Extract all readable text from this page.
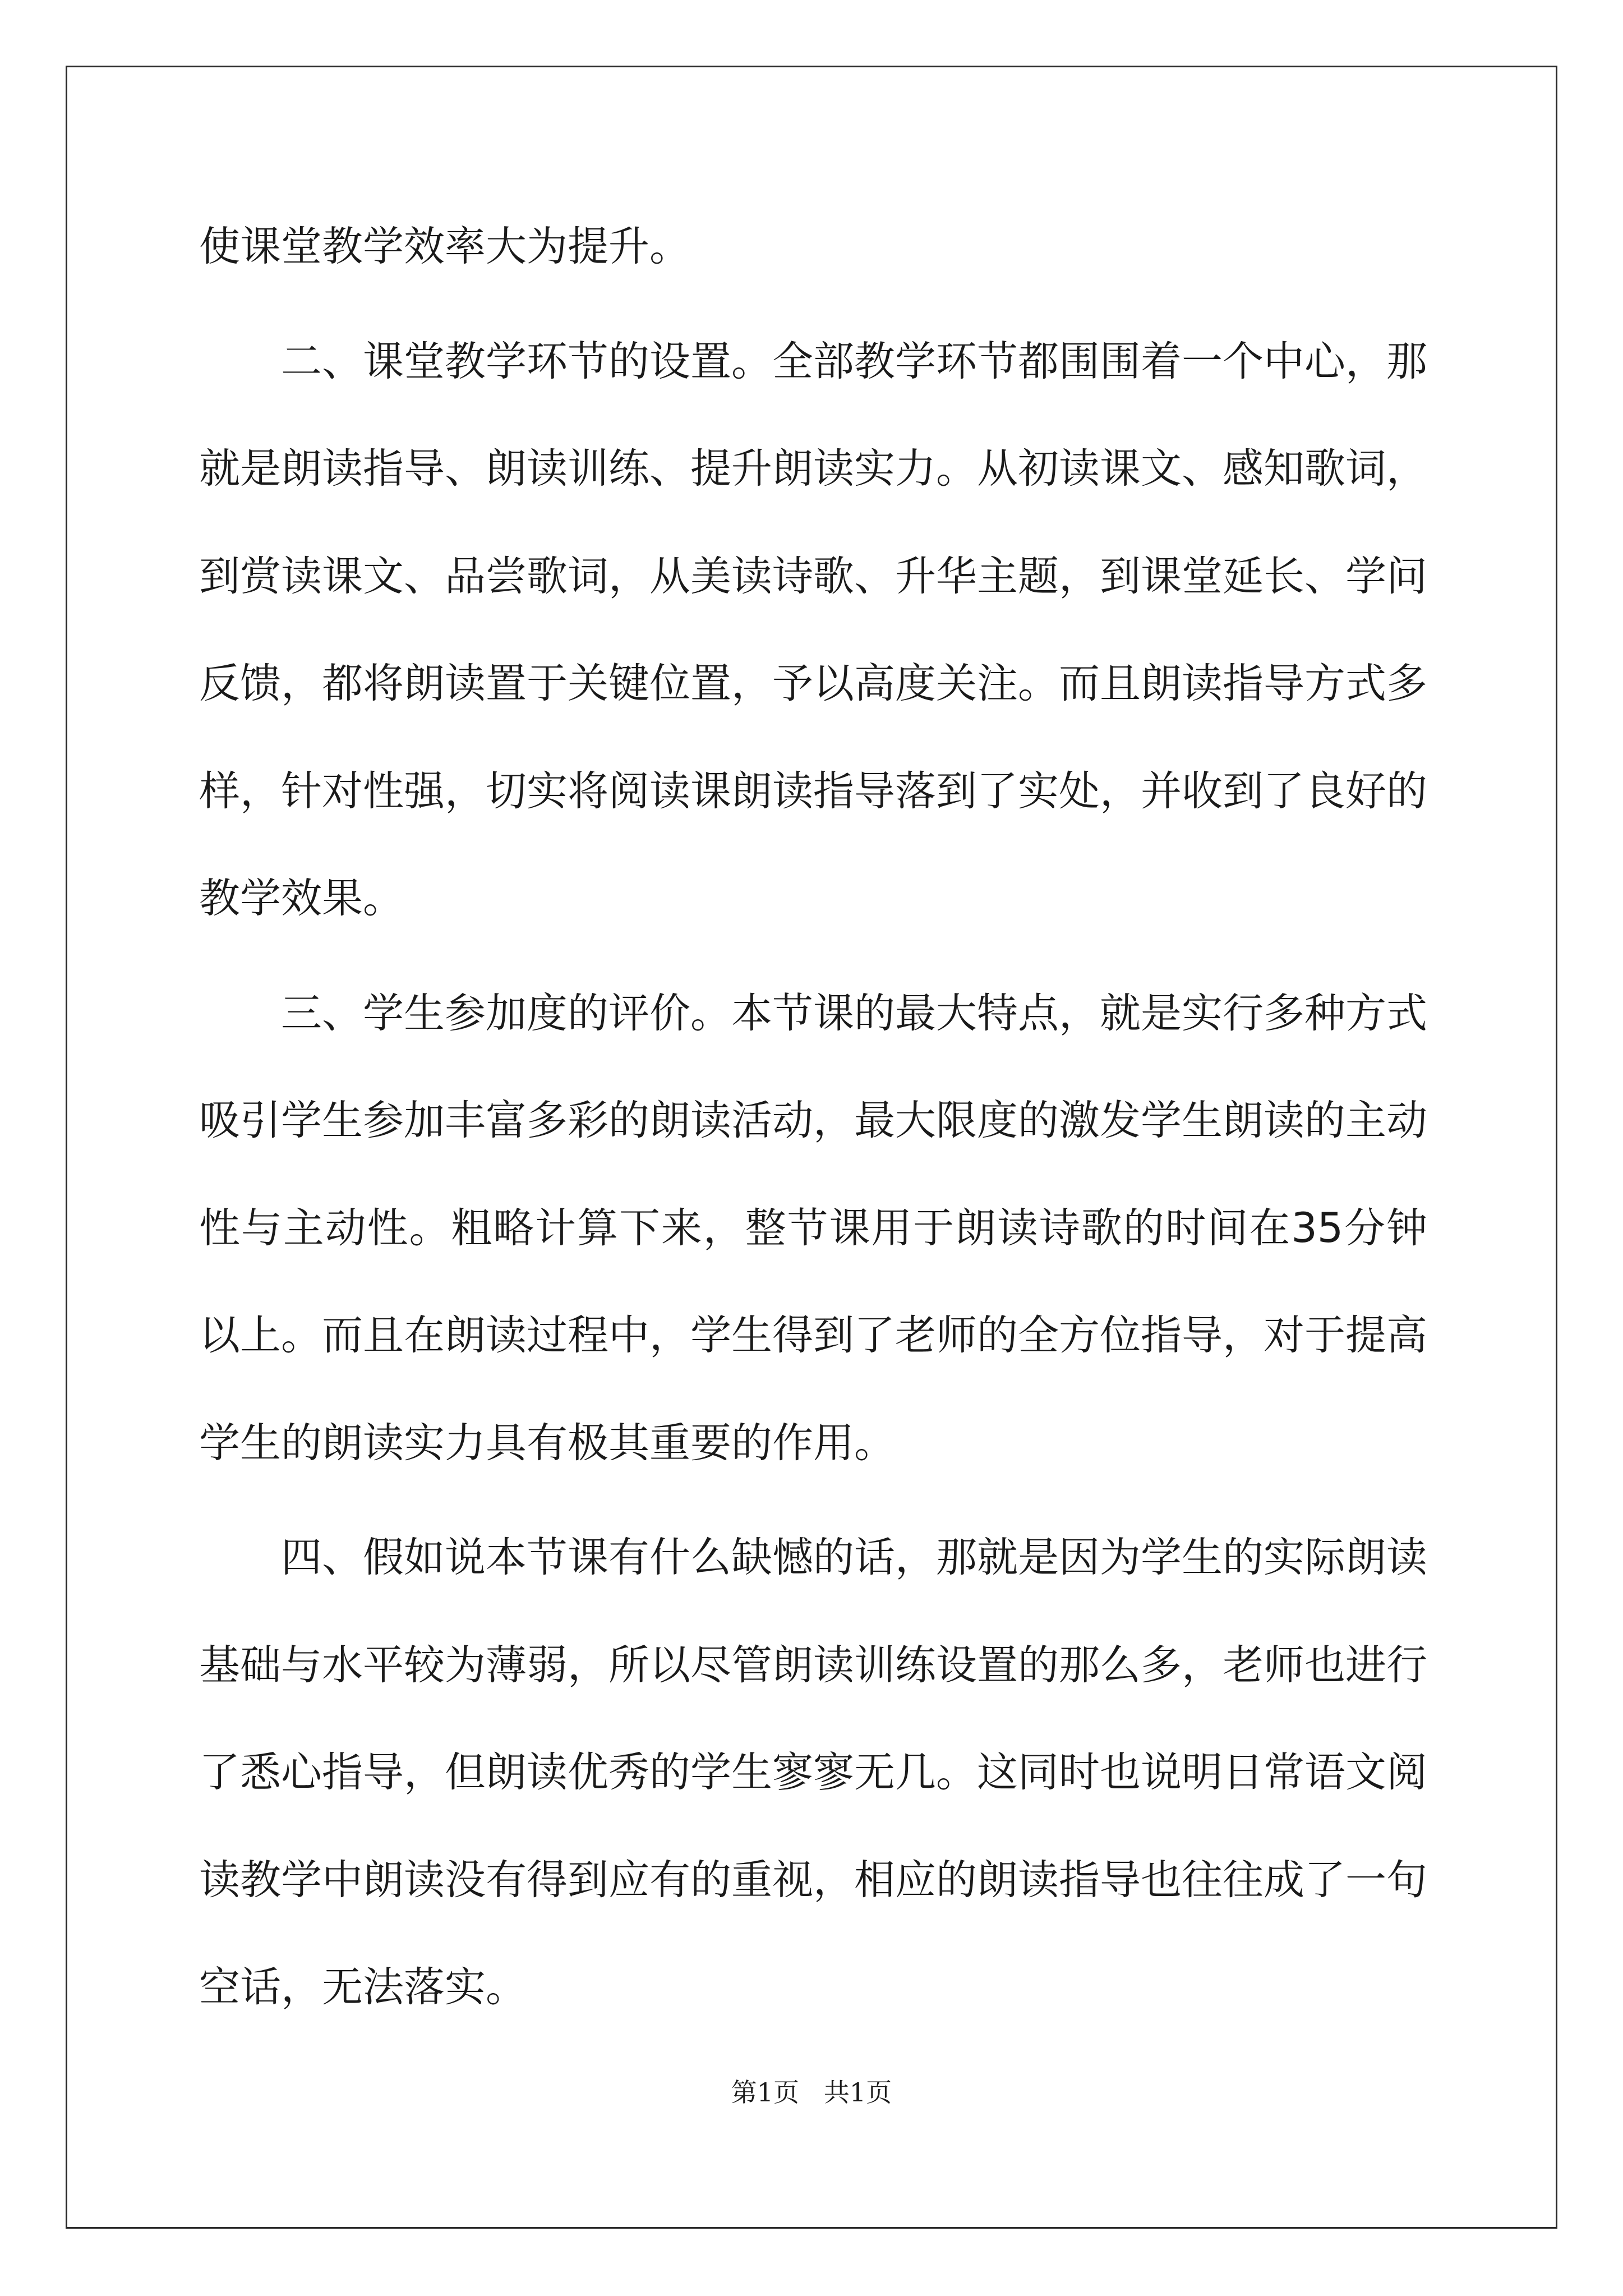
使课堂教学效率大为提升。

二、课堂教学环节的设置。全部教学环节都围围着一个中心，那就是朗读指导、朗读训练、提升朗读实力。从初读课文、感知歌词，到赏读课文、品尝歌词，从美读诗歌、升华主题，到课堂延长、学问反馈，都将朗读置于关键位置，予以高度关注。而且朗读指导方式多样，针对性强，切实将阅读课朗读指导落到了实处，并收到了良好的教学效果。

三、学生参加度的评价。本节课的最大特点，就是实行多种方式吸引学生参加丰富多彩的朗读活动，最大限度的激发学生朗读的主动性与主动性。粗略计算下来，整节课用于朗读诗歌的时间在35分钟以上。而且在朗读过程中，学生得到了老师的全方位指导，对于提高学生的朗读实力具有极其重要的作用。

四、假如说本节课有什么缺憾的话，那就是因为学生的实际朗读基础与水平较为薄弱，所以尽管朗读训练设置的那么多，老师也进行了悉心指导，但朗读优秀的学生寥寥无几。这同时也说明日常语文阅读教学中朗读没有得到应有的重视，相应的朗读指导也往往成了一句空话，无法落实。

第1页   共1页
